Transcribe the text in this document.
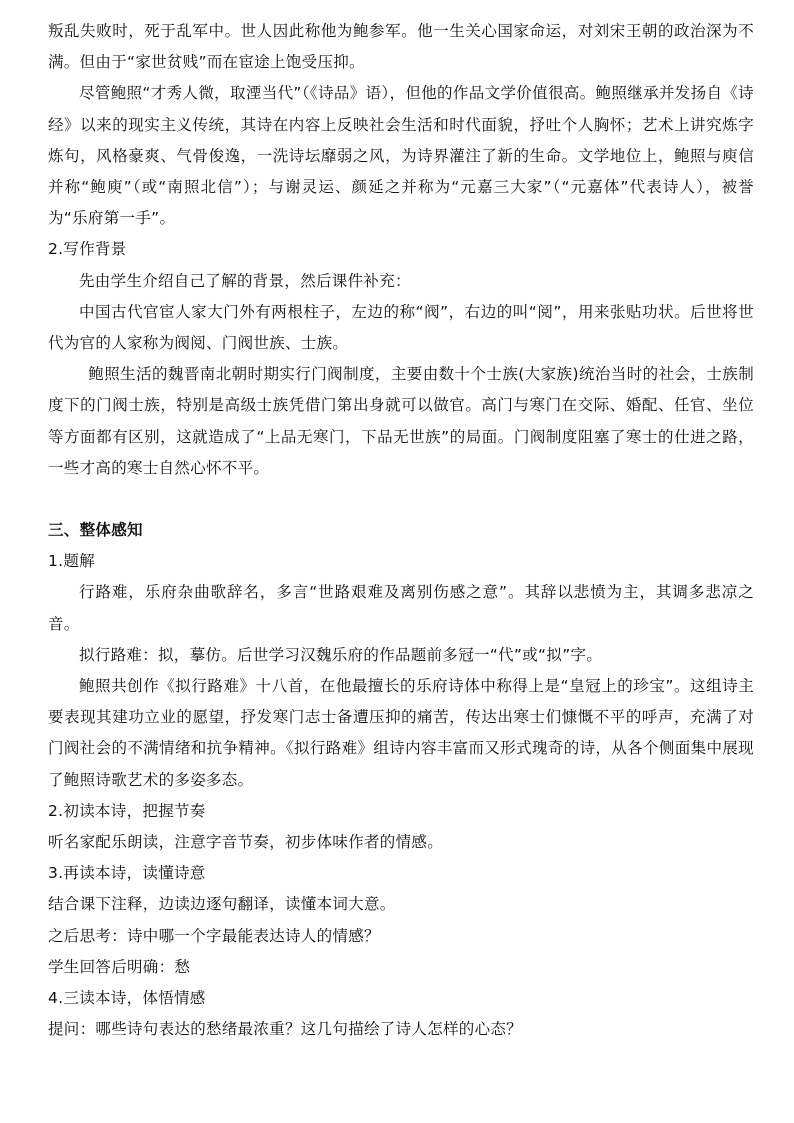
叛乱失败时，死于乱军中。世人因此称他为鲍参军。他一生关心国家命运，对刘宋王朝的政治深为不满。但由于“家世贫贱”而在宦途上饱受压抑。

尽管鲍照“才秀人微，取湮当代”（《诗品》语），但他的作品文学价值很高。鲍照继承并发扬自《诗经》以来的现实主义传统，其诗在内容上反映社会生活和时代面貌，抒吐个人胸怀；艺术上讲究炼字炼句，风格豪爽、气骨俊逸，一洗诗坛靡弱之风，为诗界灌注了新的生命。文学地位上，鲍照与庾信并称“鲍庾”（或“南照北信”）；与谢灵运、颜延之并称为“元嘉三大家”（“元嘉体”代表诗人），被誉为“乐府第一手”。

2.写作背景

先由学生介绍自己了解的背景，然后课件补充：

中国古代官宦人家大门外有两根柱子，左边的称“阀”，右边的叫“阅”，用来张贴功状。后世将世代为官的人家称为阀阅、门阀世族、士族。

鲍照生活的魏晋南北朝时期实行门阀制度，主要由数十个士族(大家族)统治当时的社会，士族制度下的门阀士族，特别是高级士族凭借门第出身就可以做官。高门与寒门在交际、婚配、任官、坐位等方面都有区别，这就造成了“上品无寒门，下品无世族”的局面。门阀制度阻塞了寒士的仕进之路，一些才高的寒士自然心怀不平。

三、整体感知

1.题解

行路难，乐府杂曲歌辞名，多言“世路艰难及离别伤感之意”。其辞以悲愤为主，其调多悲凉之音。

拟行路难：拟，摹仿。后世学习汉魏乐府的作品题前多冠一“代”或“拟”字。

鲍照共创作《拟行路难》十八首，在他最擅长的乐府诗体中称得上是“皇冠上的珍宝”。这组诗主要表现其建功立业的愿望，抒发寒门志士备遭压抑的痛苦，传达出寒士们慷慨不平的呼声，充满了对门阀社会的不满情绪和抗争精神。《拟行路难》组诗内容丰富而又形式瑰奇的诗，从各个侧面集中展现了鲍照诗歌艺术的多姿多态。

2.初读本诗，把握节奏

听名家配乐朗读，注意字音节奏，初步体味作者的情感。

3.再读本诗，读懂诗意

结合课下注释，边读边逐句翻译，读懂本词大意。

之后思考：诗中哪一个字最能表达诗人的情感？

学生回答后明确：愁

4.三读本诗，体悟情感

提问：哪些诗句表达的愁绪最浓重？这几句描绘了诗人怎样的心态？
